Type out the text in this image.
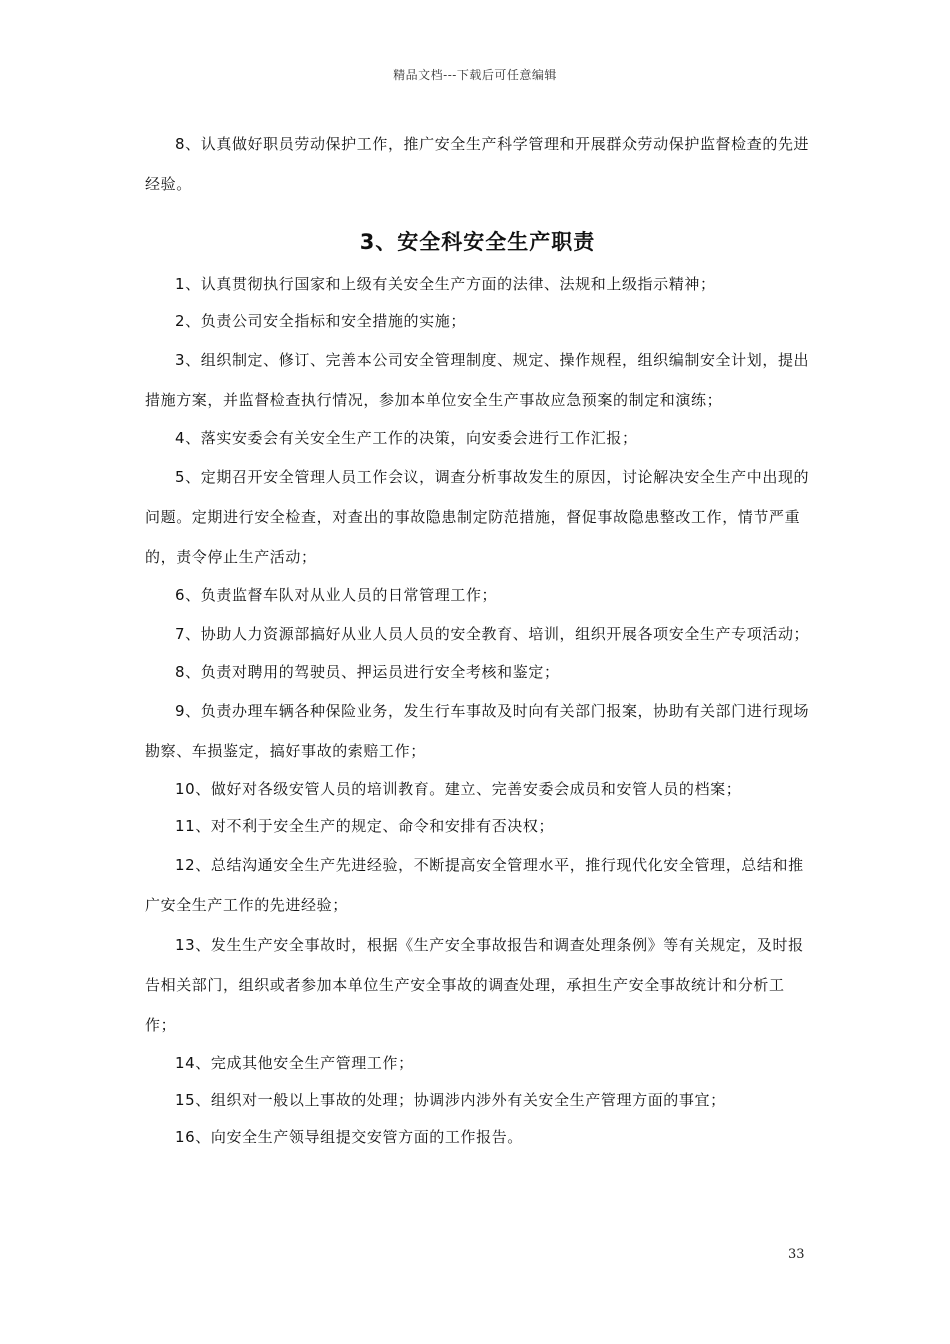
精品文档---下载后可任意编辑

8、认真做好职员劳动保护工作，推广安全生产科学管理和开展群众劳动保护监督检查的先进经验。

3、安全科安全生产职责

1、认真贯彻执行国家和上级有关安全生产方面的法律、法规和上级指示精神；

2、负责公司安全指标和安全措施的实施；

3、组织制定、修订、完善本公司安全管理制度、规定、操作规程，组织编制安全计划，提出措施方案，并监督检查执行情况，参加本单位安全生产事故应急预案的制定和演练；

4、落实安委会有关安全生产工作的决策，向安委会进行工作汇报；

5、定期召开安全管理人员工作会议，调查分析事故发生的原因，讨论解决安全生产中出现的问题。定期进行安全检查，对查出的事故隐患制定防范措施，督促事故隐患整改工作，情节严重的，责令停止生产活动；

6、负责监督车队对从业人员的日常管理工作；

7、协助人力资源部搞好从业人员人员的安全教育、培训，组织开展各项安全生产专项活动；

8、负责对聘用的驾驶员、押运员进行安全考核和鉴定；

9、负责办理车辆各种保险业务，发生行车事故及时向有关部门报案，协助有关部门进行现场勘察、车损鉴定，搞好事故的索赔工作；

10、做好对各级安管人员的培训教育。建立、完善安委会成员和安管人员的档案；

11、对不利于安全生产的规定、命令和安排有否决权；

12、总结沟通安全生产先进经验，不断提高安全管理水平，推行现代化安全管理，总结和推广安全生产工作的先进经验；

13、发生生产安全事故时，根据《生产安全事故报告和调查处理条例》等有关规定，及时报告相关部门，组织或者参加本单位生产安全事故的调查处理，承担生产安全事故统计和分析工作；

14、完成其他安全生产管理工作；

15、组织对一般以上事故的处理；协调涉内涉外有关安全生产管理方面的事宜；

16、向安全生产领导组提交安管方面的工作报告。

33
